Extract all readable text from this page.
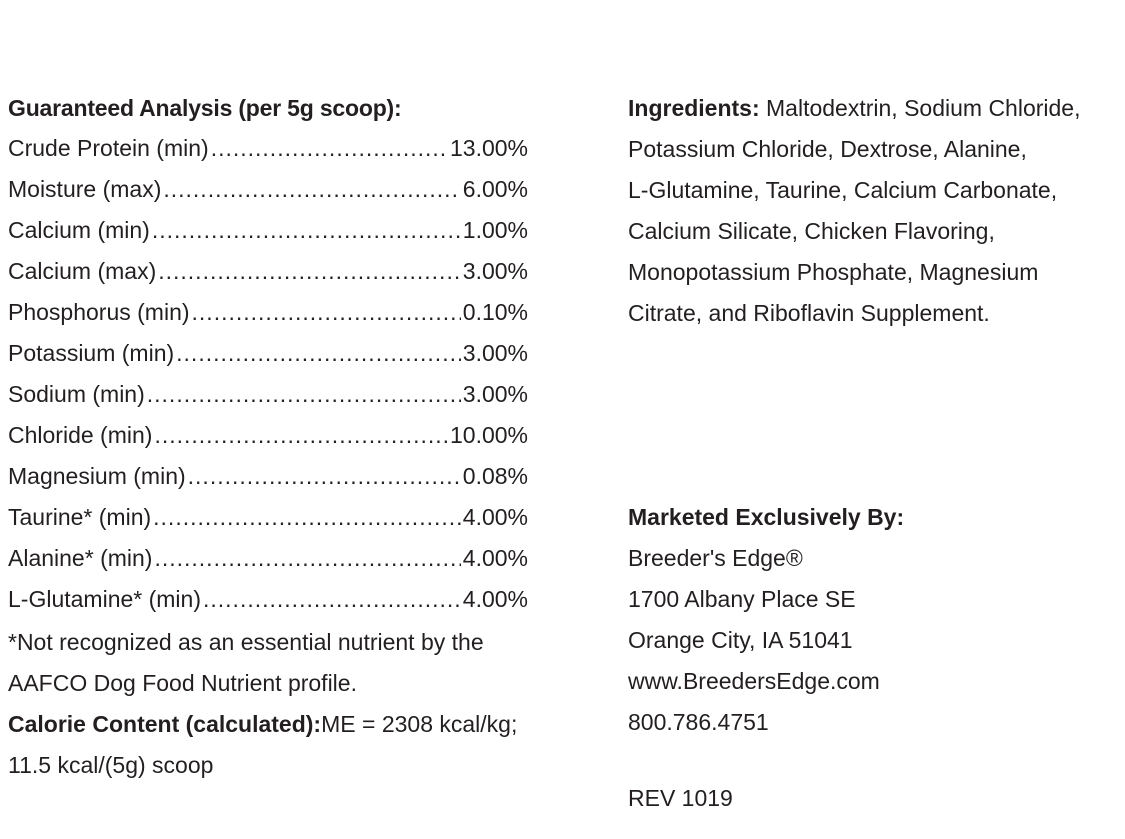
Guaranteed Analysis (per 5g scoop):
Crude Protein (min) .....	13.00%
Moisture (max) .....	6.00%
Calcium (min) .....	1.00%
Calcium (max) .....	3.00%
Phosphorus (min) .....	0.10%
Potassium (min) .....	3.00%
Sodium (min) .....	3.00%
Chloride (min) .....	10.00%
Magnesium (min) .....	0.08%
Taurine* (min) .....	4.00%
Alanine* (min) .....	4.00%
L-Glutamine* (min) .....	4.00%
*Not recognized as an essential nutrient by the
AAFCO Dog Food Nutrient profile.
Calorie Content (calculated):ME = 2308 kcal/kg;
11.5 kcal/(5g) scoop
Ingredients: Maltodextrin, Sodium Chloride,
Potassium Chloride, Dextrose, Alanine,
L-Glutamine, Taurine, Calcium Carbonate,
Calcium Silicate, Chicken Flavoring,
Monopotassium Phosphate, Magnesium
Citrate, and Riboflavin Supplement.
Marketed Exclusively By:
Breeder's Edge®
1700 Albany Place SE
Orange City, IA 51041
www.BreedersEdge.com
800.786.4751
REV 1019
